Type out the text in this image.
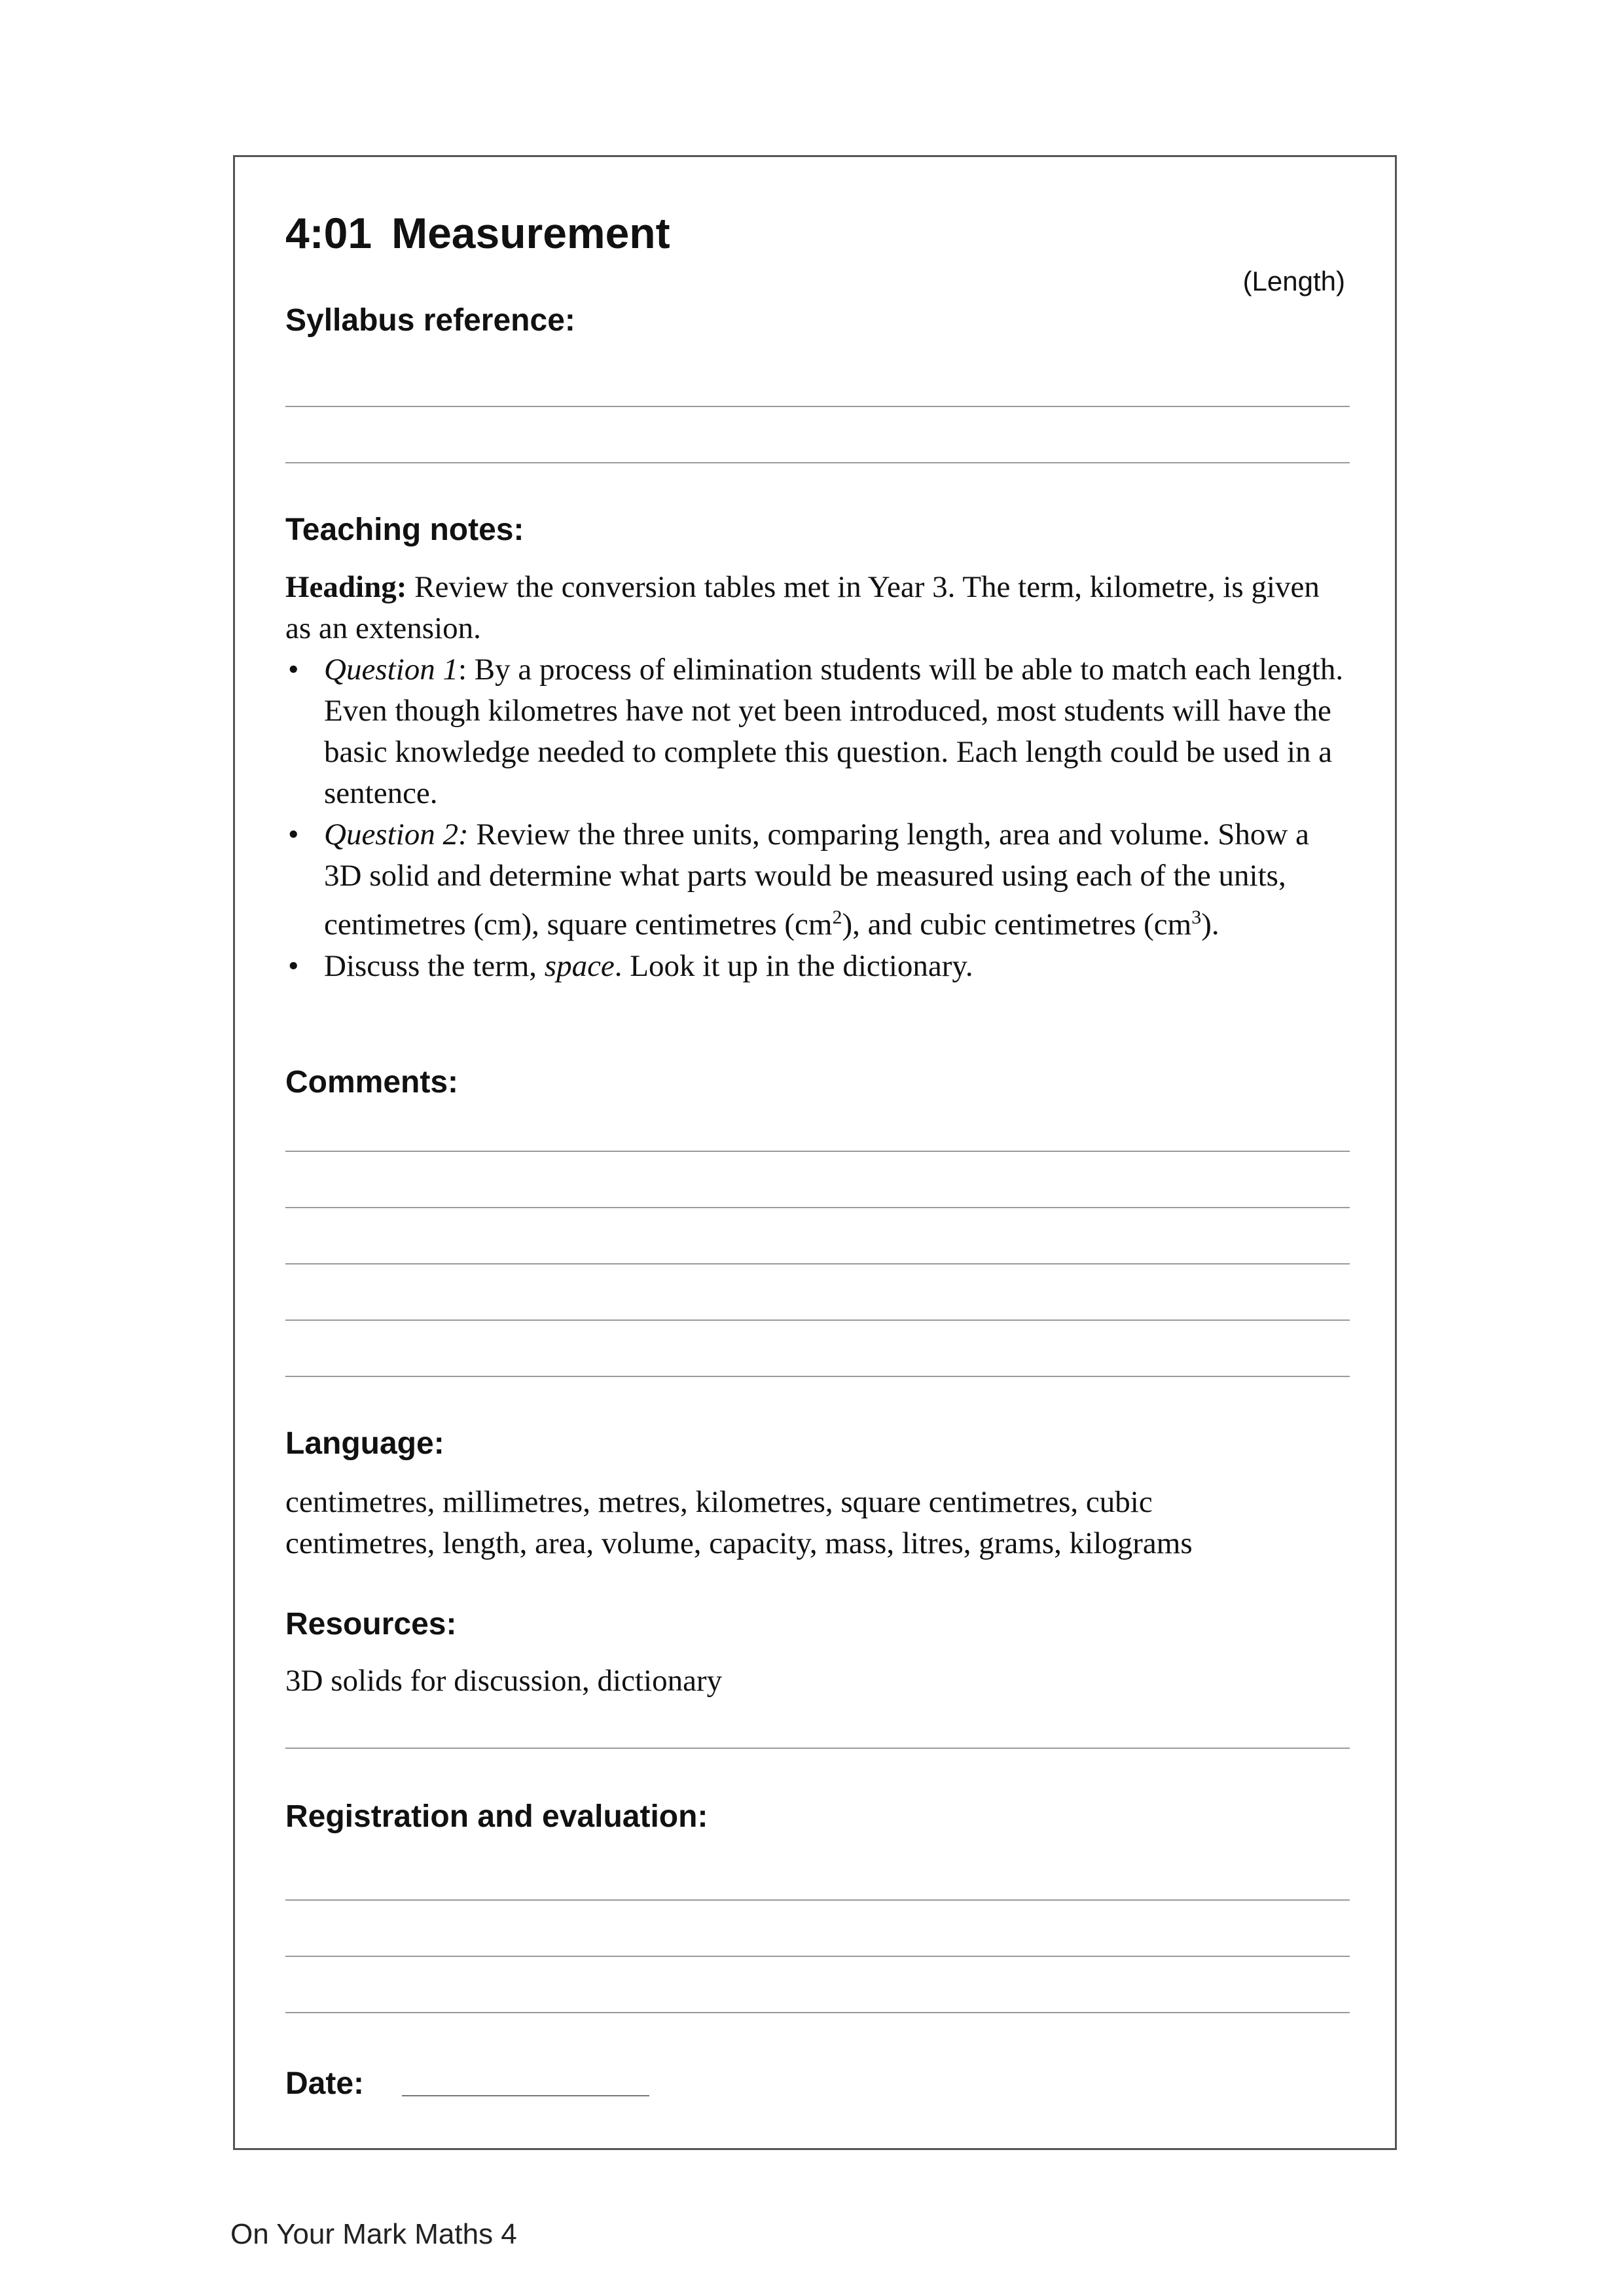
4:01 Measurement
(Length)
Syllabus reference:
Teaching notes:

Heading: Review the conversion tables met in Year 3. The term, kilometre, is given as an extension.

• Question 1: By a process of elimination students will be able to match each length. Even though kilometres have not yet been introduced, most students will have the basic knowledge needed to complete this question. Each length could be used in a sentence.
• Question 2: Review the three units, comparing length, area and volume. Show a 3D solid and determine what parts would be measured using each of the units, centimetres (cm), square centimetres $(cm^2)$, and cubic centimetres $(cm^3)$.
• Discuss the term, space. Look it up in the dictionary.
Comments:
Language:
centimetres, millimetres, metres, kilometres, square centimetres, cubic centimetres, length, area, volume, capacity, mass, litres, grams, kilograms
Resources:
3D solids for discussion, dictionary
Registration and evaluation:
Date:
On Your Mark Maths 4
